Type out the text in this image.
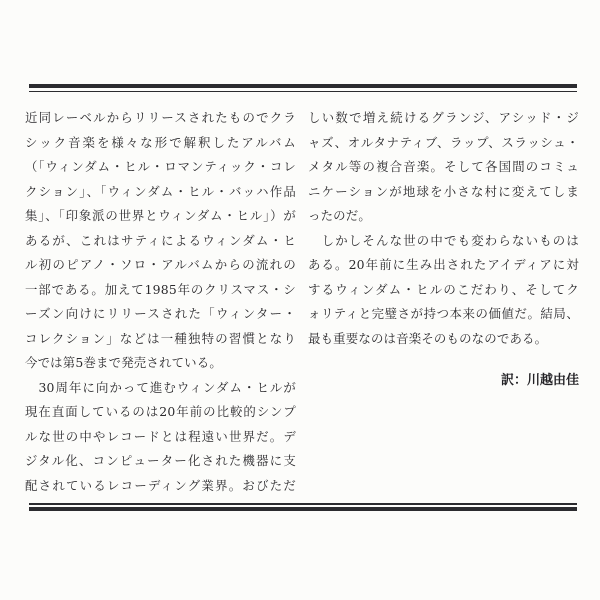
近同レーベルからリリースされたものでクラ
シック音楽を様々な形で解釈したアルバム
（「ウィンダム・ヒル・ロマンティック・コレ
クション」、「ウィンダム・ヒル・バッハ作品
集」、「印象派の世界とウィンダム・ヒル」）が
あるが、これはサティによるウィンダム・ヒ
ル初のピアノ・ソロ・アルバムからの流れの
一部である。加えて1985年のクリスマス・シ
ーズン向けにリリースされた「ウィンター・
コレクション」などは一種独特の習慣となり
今では第5巻まで発売されている。
　30周年に向かって進むウィンダム・ヒルが
現在直面しているのは20年前の比較的シンプ
ルな世の中やレコードとは程遠い世界だ。デ
ジタル化、コンピューター化された機器に支
配されているレコーディング業界。おびただ
しい数で増え続けるグランジ、アシッド・ジ
ャズ、オルタナティブ、ラップ、スラッシュ・
メタル等の複合音楽。そして各国間のコミュ
ニケーションが地球を小さな村に変えてしま
ったのだ。
　しかしそんな世の中でも変わらないものは
ある。20年前に生み出されたアイディアに対
するウィンダム・ヒルのこだわり、そしてク
ォリティと完璧さが持つ本来の価値だ。結局、
最も重要なのは音楽そのものなのである。
訳：川越由佳
